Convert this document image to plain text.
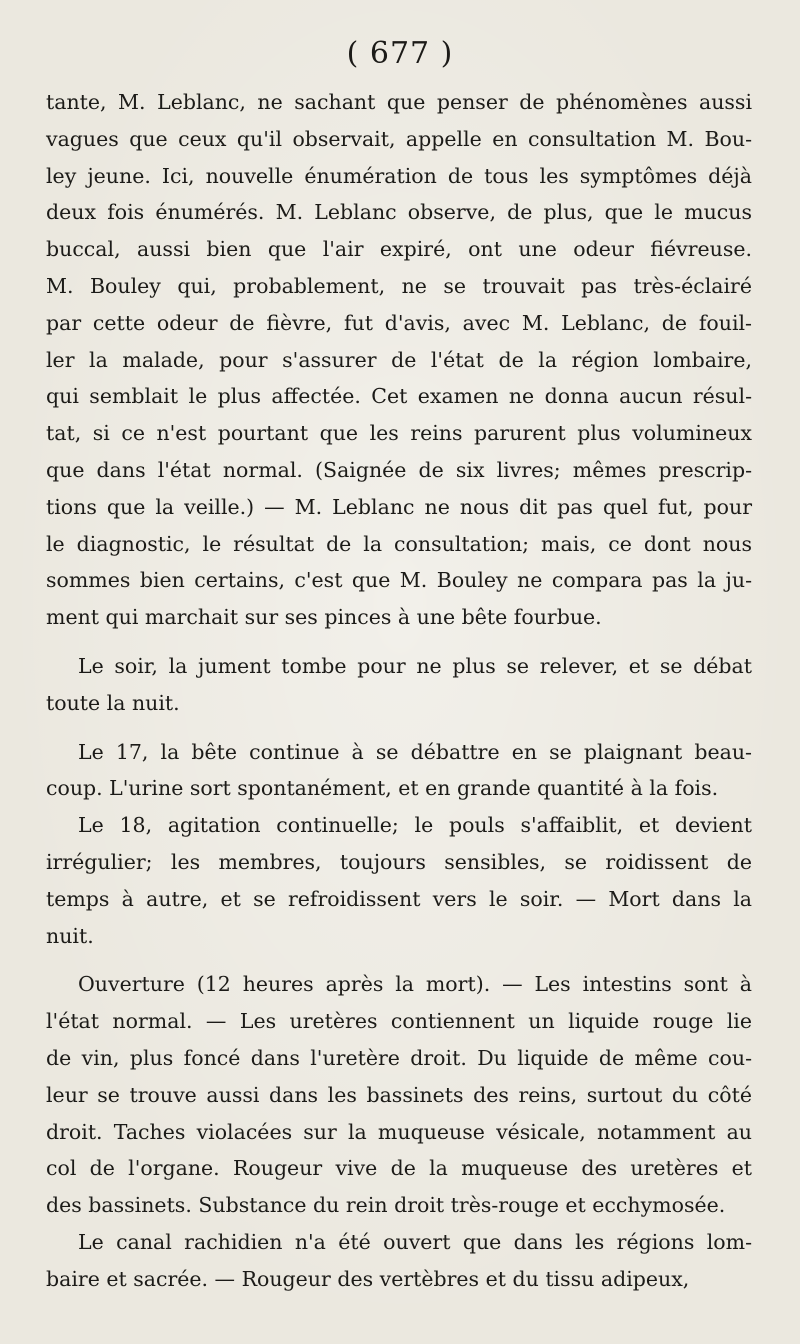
( 677 )

tante, M. Leblanc, ne sachant que penser de phénomènes aussi
vagues que ceux qu'il observait, appelle en consultation M. Bou-
ley jeune. Ici, nouvelle énumération de tous les symptômes déjà
deux fois énumérés. M. Leblanc observe, de plus, que le mucus
buccal, aussi bien que l'air expiré, ont une odeur fiévreuse.
M. Bouley qui, probablement, ne se trouvait pas très-éclairé
par cette odeur de fièvre, fut d'avis, avec M. Leblanc, de fouil-
ler la malade, pour s'assurer de l'état de la région lombaire,
qui semblait le plus affectée. Cet examen ne donna aucun résul-
tat, si ce n'est pourtant que les reins parurent plus volumineux
que dans l'état normal. (Saignée de six livres; mêmes prescrip-
tions que la veille.) — M. Leblanc ne nous dit pas quel fut, pour
le diagnostic, le résultat de la consultation; mais, ce dont nous
sommes bien certains, c'est que M. Bouley ne compara pas la ju-
ment qui marchait sur ses pinces à une bête fourbue.

Le soir, la jument tombe pour ne plus se relever, et se débat
toute la nuit.

Le 17, la bête continue à se débattre en se plaignant beau-
coup. L'urine sort spontanément, et en grande quantité à la fois.

Le 18, agitation continuelle; le pouls s'affaiblit, et devient
irrégulier; les membres, toujours sensibles, se roidissent de
temps à autre, et se refroidissent vers le soir. — Mort dans la
nuit.

Ouverture (12 heures après la mort). — Les intestins sont à
l'état normal. — Les uretères contiennent un liquide rouge lie
de vin, plus foncé dans l'uretère droit. Du liquide de même cou-
leur se trouve aussi dans les bassinets des reins, surtout du côté
droit. Taches violacées sur la muqueuse vésicale, notamment au
col de l'organe. Rougeur vive de la muqueuse des uretères et
des bassinets. Substance du rein droit très-rouge et ecchymosée.

Le canal rachidien n'a été ouvert que dans les régions lom-
baire et sacrée. — Rougeur des vertèbres et du tissu adipeux,
